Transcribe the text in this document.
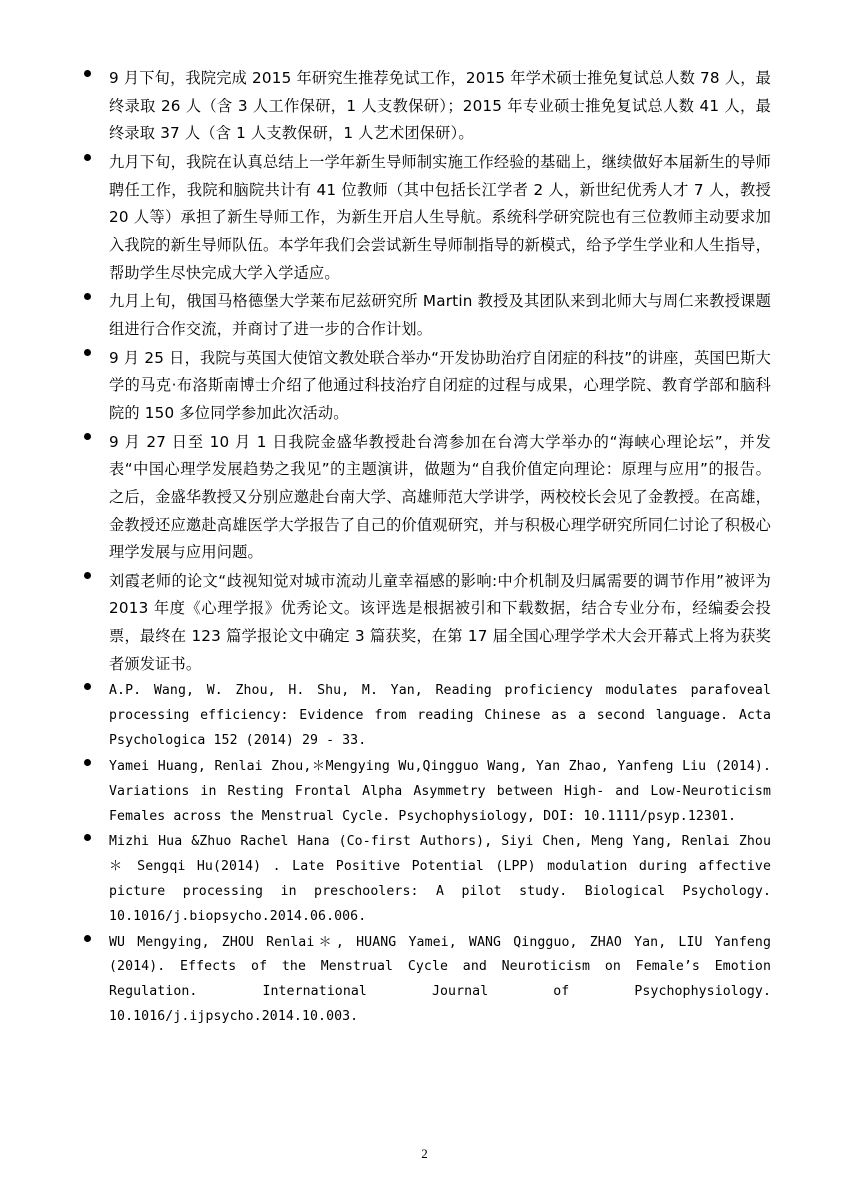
9 月下旬，我院完成 2015 年研究生推荐免试工作，2015 年学术硕士推免复试总人数 78 人，最终录取 26 人（含 3 人工作保研，1 人支教保研）；2015 年专业硕士推免复试总人数 41 人，最终录取 37 人（含 1 人支教保研，1 人艺术团保研）。
九月下旬，我院在认真总结上一学年新生导师制实施工作经验的基础上，继续做好本届新生的导师聘任工作，我院和脑院共计有 41 位教师（其中包括长江学者 2 人，新世纪优秀人才 7 人，教授 20 人等）承担了新生导师工作，为新生开启人生导航。系统科学研究院也有三位教师主动要求加入我院的新生导师队伍。本学年我们会尝试新生导师制指导的新模式，给予学生学业和人生指导，帮助学生尽快完成大学入学适应。
九月上旬，俄国马格德堡大学莱布尼兹研究所 Martin 教授及其团队来到北师大与周仁来教授课题组进行合作交流，并商讨了进一步的合作计划。
9 月 25 日，我院与英国大使馆文教处联合举办“开发协助治疗自闭症的科技”的讲座，英国巴斯大学的马克·布洛斯南博士介绍了他通过科技治疗自闭症的过程与成果，心理学院、教育学部和脑科院的 150 多位同学参加此次活动。
9 月 27 日至 10 月 1 日我院金盛华教授赴台湾参加在台湾大学举办的“海峡心理论坛”，并发表“中国心理学发展趋势之我见”的主题演讲，做题为“自我价值定向理论：原理与应用”的报告。之后，金盛华教授又分别应邀赴台南大学、高雄师范大学讲学，两校校长会见了金教授。在高雄，金教授还应邀赴高雄医学大学报告了自己的价值观研究，并与积极心理学研究所同仁讨论了积极心理学发展与应用问题。
刘霞老师的论文“歧视知觉对城市流动儿童幸福感的影响:中介机制及归属需要的调节作用”被评为 2013 年度《心理学报》优秀论文。该评选是根据被引和下载数据，结合专业分布，经编委会投票，最终在 123 篇学报论文中确定 3 篇获奖，在第 17 届全国心理学学术大会开幕式上将为获奖者颁发证书。
A.P. Wang, W. Zhou, H. Shu, M. Yan, Reading proficiency modulates parafoveal processing efficiency: Evidence from reading Chinese as a second language. Acta Psychologica 152 (2014) 29 - 33.
Yamei Huang, Renlai Zhou,＊Mengying Wu,Qingguo Wang, Yan Zhao, Yanfeng Liu (2014). Variations in Resting Frontal Alpha Asymmetry between High- and Low-Neuroticism Females across the Menstrual Cycle. Psychophysiology, DOI: 10.1111/psyp.12301.
Mizhi Hua &Zhuo Rachel Hana (Co-first Authors), Siyi Chen, Meng Yang, Renlai Zhou＊ Sengqi Hu(2014) . Late Positive Potential (LPP) modulation during affective picture processing in preschoolers: A pilot study. Biological Psychology. 10.1016/j.biopsycho.2014.06.006.
WU Mengying, ZHOU Renlai＊, HUANG Yamei, WANG Qingguo, ZHAO Yan, LIU Yanfeng (2014). Effects of the Menstrual Cycle and Neuroticism on Female’s Emotion Regulation. International Journal of Psychophysiology. 10.1016/j.ijpsycho.2014.10.003.
2
